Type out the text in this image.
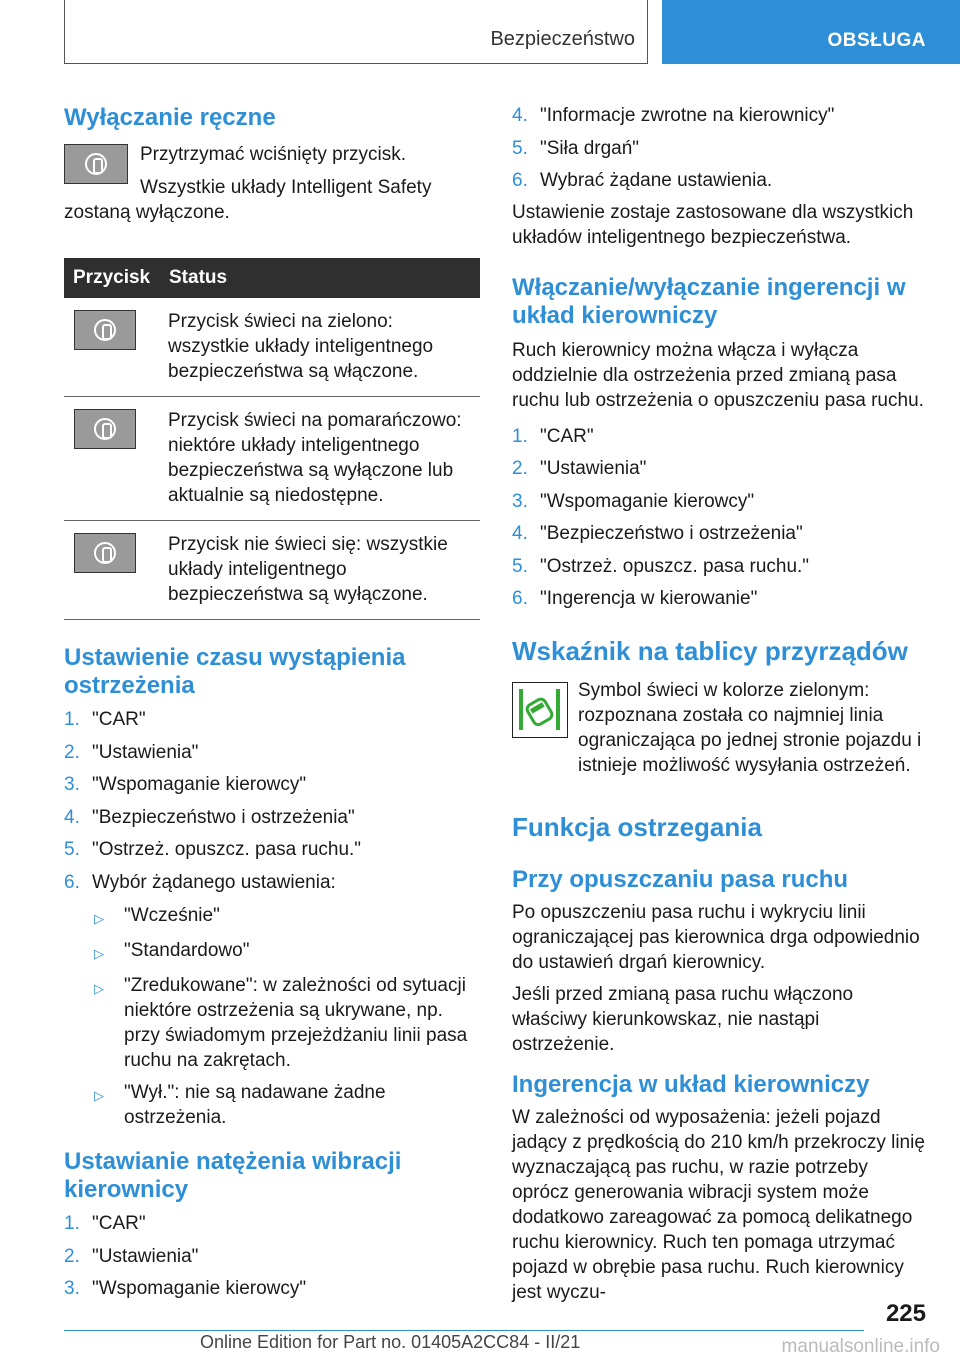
Bezpieczeństwo	OBSŁUGA
Wyłączanie ręczne

Przytrzymać wciśnięty przycisk.

Wszystkie układy Intelligent Safety zostaną wyłączone.

Przycisk	Status

	Przycisk świeci na zielono: wszystkie układy inteligentnego bezpieczeństwa są włączone.

	Przycisk świeci na pomarańczowo: niektóre układy inteligentnego bezpieczeństwa są wyłączone lub aktualnie są niedostępne.

	Przycisk nie świeci się: wszystkie układy inteligentnego bezpieczeństwa są wyłączone.
Ustawienie czasu wystąpienia ostrzeżenia
1. "CAR"
2. "Ustawienia"
3. "Wspomaganie kierowcy"
4. "Bezpieczeństwo i ostrzeżenia"
5. "Ostrzeż. opuszcz. pasa ruchu."
6. Wybór żądanego ustawienia:
▷	"Wcześnie"
▷	"Standardowo"
▷	"Zredukowane": w zależności od sytuacji niektóre ostrzeżenia są ukrywane, np. przy świadomym przejeżdżaniu linii pasa ruchu na zakrętach.
▷	"Wył.": nie są nadawane żadne ostrzeżenia.
Ustawianie natężenia wibracji kierownicy
1. "CAR"
2. "Ustawienia"
3. "Wspomaganie kierowcy"
4. "Informacje zwrotne na kierownicy"
5. "Siła drgań"
6. Wybrać żądane ustawienia.

Ustawienie zostaje zastosowane dla wszystkich układów inteligentnego bezpieczeństwa.

Włączanie/wyłączanie ingerencji w układ kierowniczy

Ruch kierownicy można włącza i wyłącza oddzielnie dla ostrzeżenia przed zmianą pasa ruchu lub ostrzeżenia o opuszczeniu pasa ruchu.

1. "CAR"
2. "Ustawienia"
3. "Wspomaganie kierowcy"
4. "Bezpieczeństwo i ostrzeżenia"
5. "Ostrzeż. opuszcz. pasa ruchu."
6. "Ingerencja w kierowanie"
Wskaźnik na tablicy przyrządów

Symbol świeci w kolorze zielonym: rozpoznana została co najmniej linia ograniczająca po jednej stronie pojazdu i istnieje możliwość wysyłania ostrzeżeń.

Funkcja ostrzegania
Przy opuszczaniu pasa ruchu

Po opuszczeniu pasa ruchu i wykryciu linii ograniczającej pas kierownica drga odpowiednio do ustawień drgań kierownicy.

Jeśli przed zmianą pasa ruchu włączono właściwy kierunkowskaz, nie nastąpi ostrzeżenie.

Ingerencja w układ kierowniczy

W zależności od wyposażenia: jeżeli pojazd jadący z prędkością do 210 km/h przekroczy linię wyznaczającą pas ruchu, w razie potrzeby oprócz generowania wibracji system może dodatkowo zareagować za pomocą delikatnego ruchu kierownicy. Ruch ten pomaga utrzymać pojazd w obrębie pasa ruchu. Ruch kierownicy jest wyczu-

225
Online Edition for Part no. 01405A2CC84 - II/21	manualsonline.info
